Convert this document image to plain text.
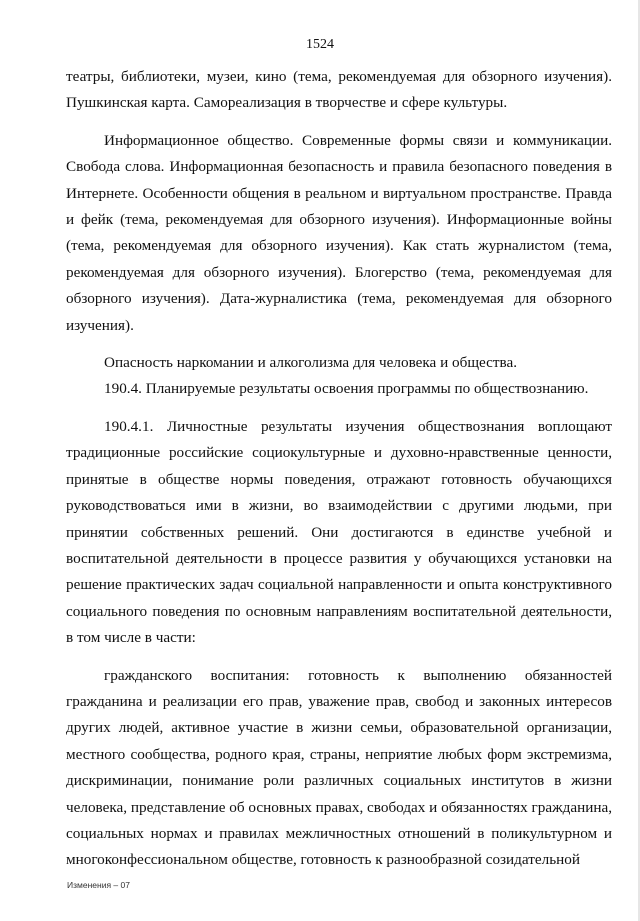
1524

театры, библиотеки, музеи, кино (тема, рекомендуемая для обзорного изучения). Пушкинская карта. Самореализация в творчестве и сфере культуры.

Информационное общество. Современные формы связи и коммуникации. Свобода слова. Информационная безопасность и правила безопасного поведения в Интернете. Особенности общения в реальном и виртуальном пространстве. Правда и фейк (тема, рекомендуемая для обзорного изучения). Информационные войны (тема, рекомендуемая для обзорного изучения). Как стать журналистом (тема, рекомендуемая для обзорного изучения). Блогерство (тема, рекомендуемая для обзорного изучения). Дата-журналистика (тема, рекомендуемая для обзорного изучения).

Опасность наркомании и алкоголизма для человека и общества.

190.4. Планируемые результаты освоения программы по обществознанию.

190.4.1. Личностные результаты изучения обществознания воплощают традиционные российские социокультурные и духовно-нравственные ценности, принятые в обществе нормы поведения, отражают готовность обучающихся руководствоваться ими в жизни, во взаимодействии с другими людьми, при принятии собственных решений. Они достигаются в единстве учебной и воспитательной деятельности в процессе развития у обучающихся установки на решение практических задач социальной направленности и опыта конструктивного социального поведения по основным направлениям воспитательной деятельности, в том числе в части:

гражданского воспитания: готовность к выполнению обязанностей гражданина и реализации его прав, уважение прав, свобод и законных интересов других людей, активное участие в жизни семьи, образовательной организации, местного сообщества, родного края, страны, неприятие любых форм экстремизма, дискриминации, понимание роли различных социальных институтов в жизни человека, представление об основных правах, свободах и обязанностях гражданина, социальных нормах и правилах межличностных отношений в поликультурном и многоконфессиональном обществе, готовность к разнообразной созидательной

Изменения – 07
